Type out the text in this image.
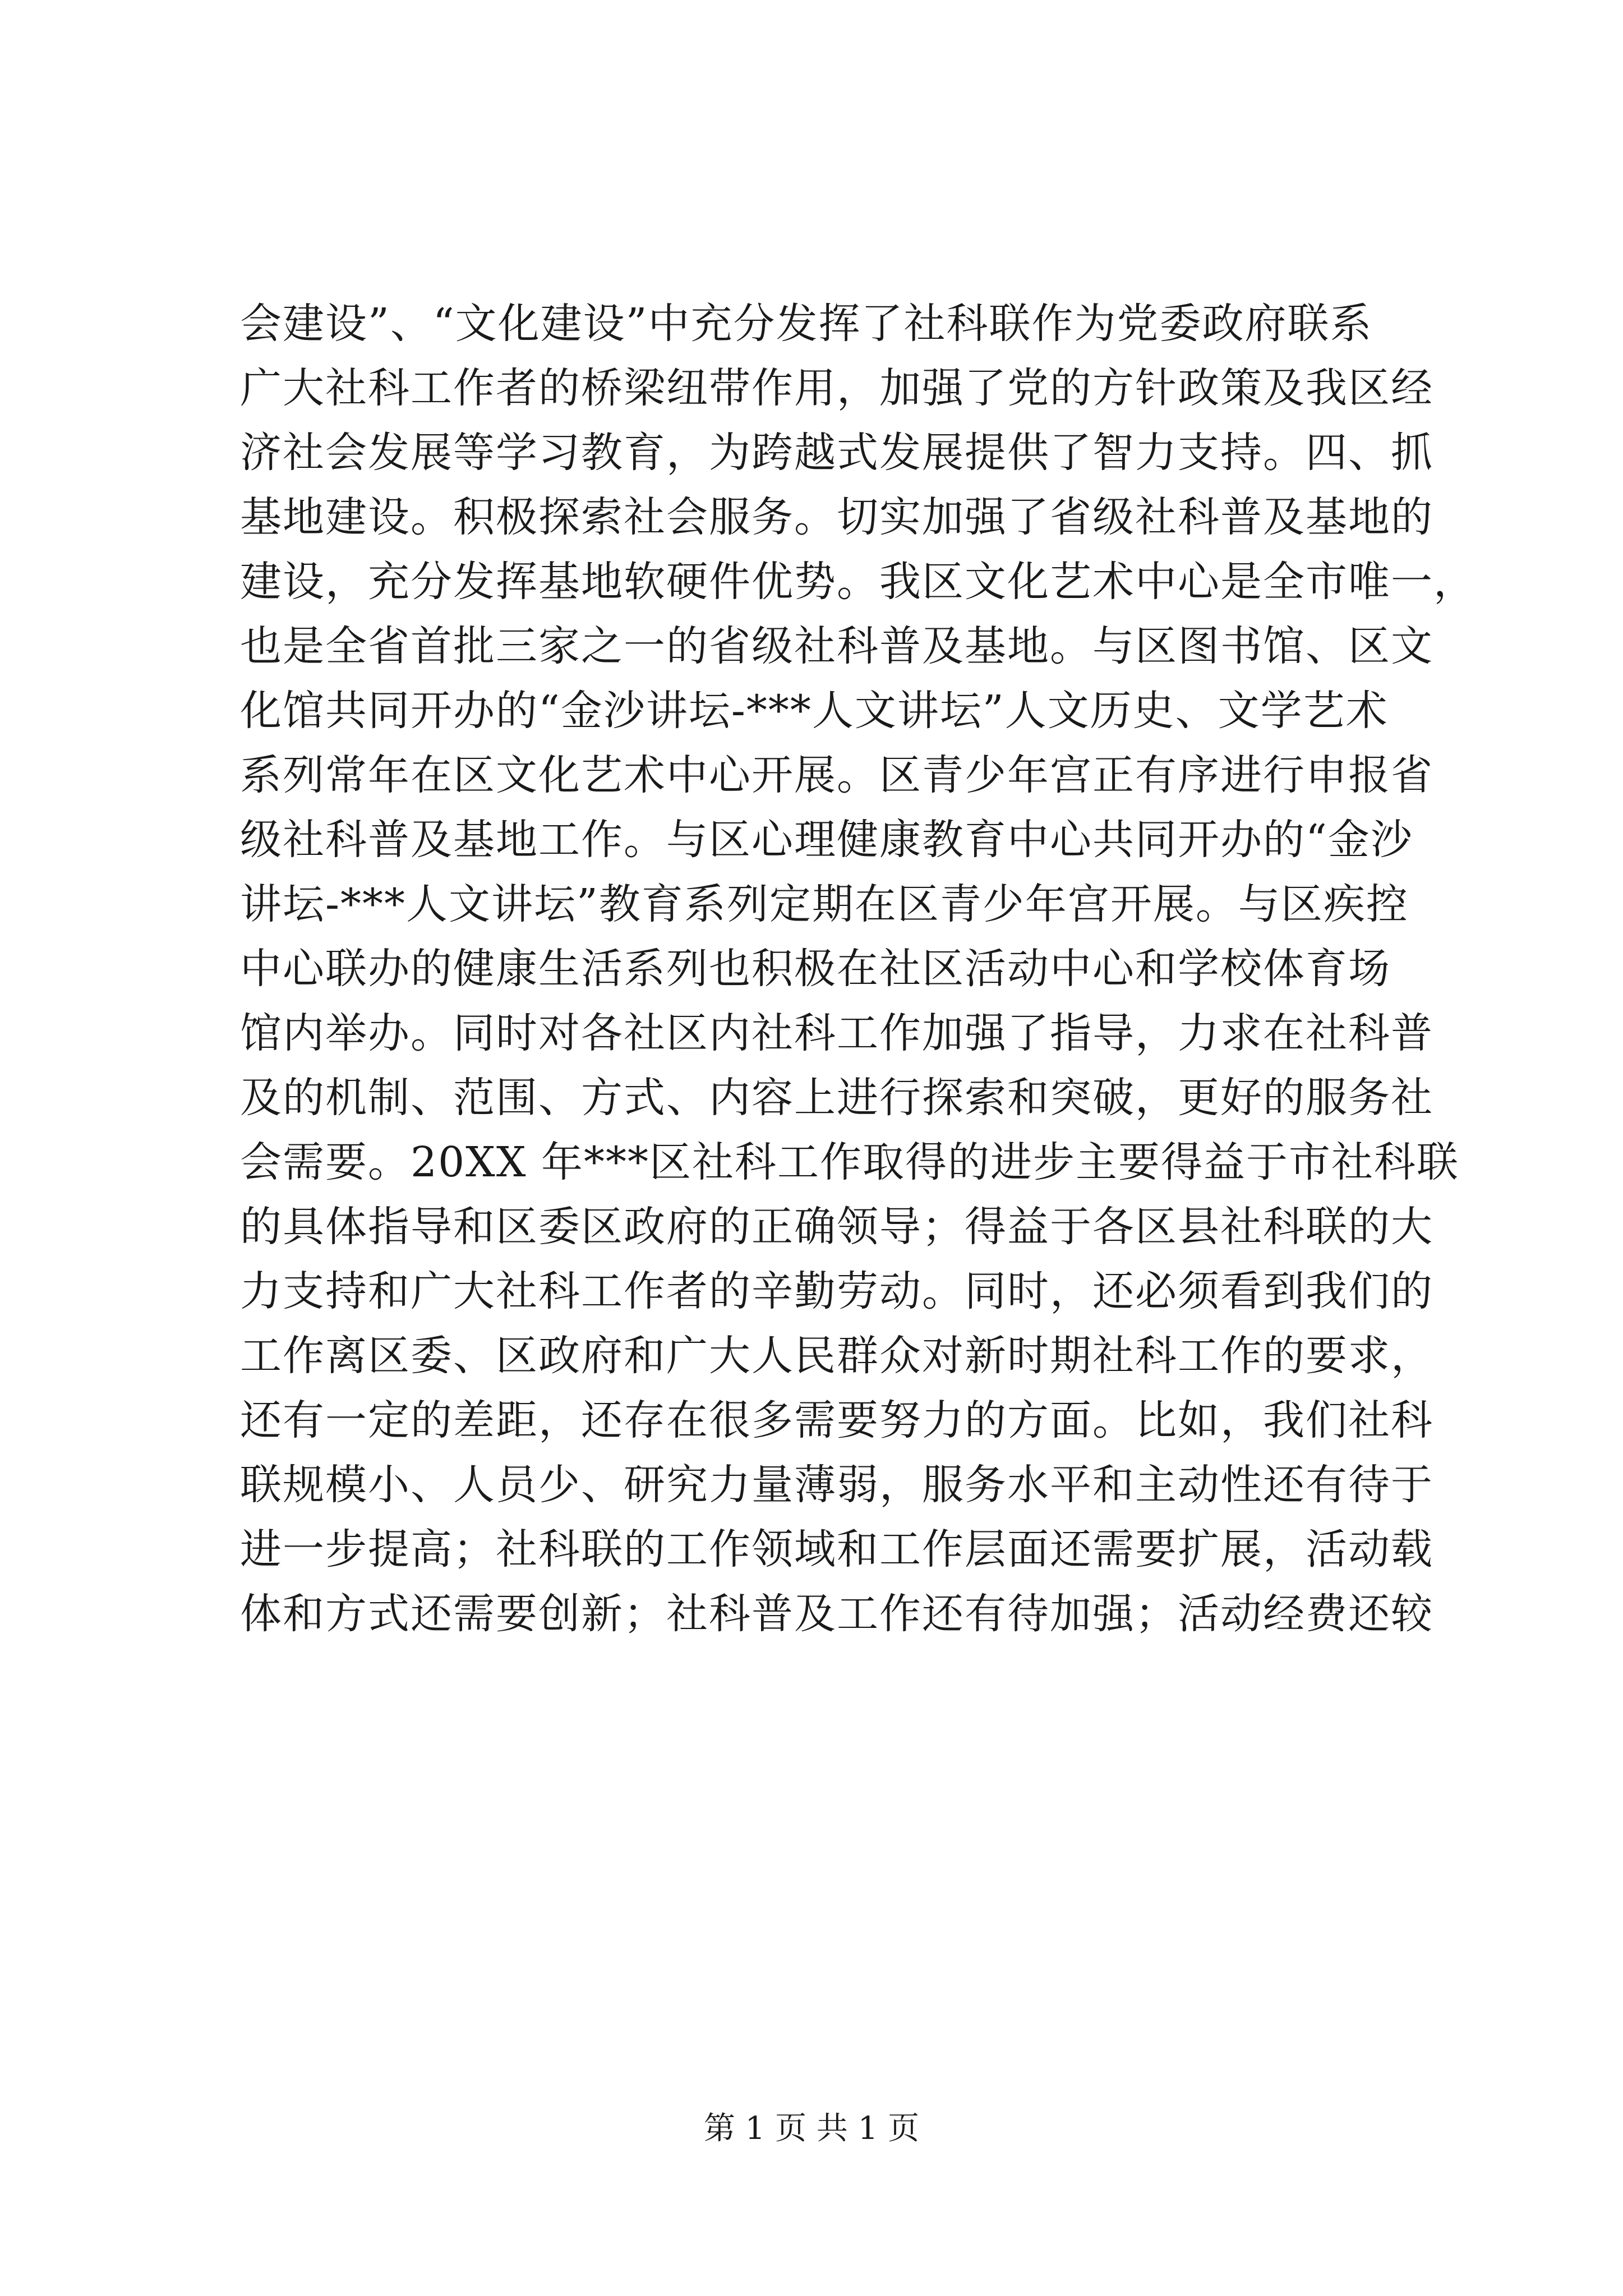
会建设”、“文化建设”中充分发挥了社科联作为党委政府联系
广大社科工作者的桥梁纽带作用，加强了党的方针政策及我区经
济社会发展等学习教育，为跨越式发展提供了智力支持。四、抓
基地建设。积极探索社会服务。切实加强了省级社科普及基地的
建设，充分发挥基地软硬件优势。我区文化艺术中心是全市唯一，
也是全省首批三家之一的省级社科普及基地。与区图书馆、区文
化馆共同开办的“金沙讲坛-***人文讲坛”人文历史、文学艺术
系列常年在区文化艺术中心开展。区青少年宫正有序进行申报省
级社科普及基地工作。与区心理健康教育中心共同开办的“金沙
讲坛-***人文讲坛”教育系列定期在区青少年宫开展。与区疾控
中心联办的健康生活系列也积极在社区活动中心和学校体育场
馆内举办。同时对各社区内社科工作加强了指导，力求在社科普
及的机制、范围、方式、内容上进行探索和突破，更好的服务社
会需要。20XX 年***区社科工作取得的进步主要得益于市社科联
的具体指导和区委区政府的正确领导；得益于各区县社科联的大
力支持和广大社科工作者的辛勤劳动。同时，还必须看到我们的
工作离区委、区政府和广大人民群众对新时期社科工作的要求，
还有一定的差距，还存在很多需要努力的方面。比如，我们社科
联规模小、人员少、研究力量薄弱，服务水平和主动性还有待于
进一步提高；社科联的工作领域和工作层面还需要扩展，活动载
体和方式还需要创新；社科普及工作还有待加强；活动经费还较
第 1 页 共 1 页
